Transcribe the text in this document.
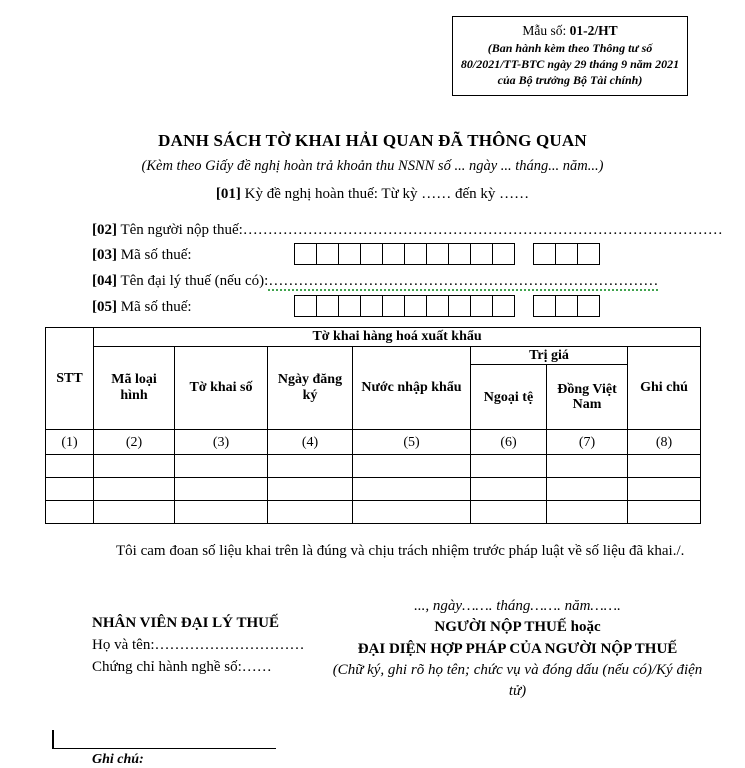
Mẫu số: 01-2/HT
(Ban hành kèm theo Thông tư số
80/2021/TT-BTC ngày 29 tháng 9 năm 2021
của Bộ trưởng Bộ Tài chính)
DANH SÁCH TỜ KHAI HẢI QUAN ĐÃ THÔNG QUAN
(Kèm theo Giấy đề nghị hoàn trả khoản thu NSNN số ... ngày ... tháng... năm...)
[01] Kỳ đề nghị hoàn thuế: Từ kỳ …… đến kỳ ……
[02] Tên người nộp thuế:……………………………………………………………………………………
[03] Mã số thuế:
[04] Tên đại lý thuế (nếu có):……………………………………………………………………
[05] Mã số thuế:
STT	Tờ khai hàng hoá xuất khẩu						
	Mã loại hình	Tờ khai số	Ngày đăng ký	Nước nhập khẩu	Trị giá		Ghi chú
					Ngoại tệ	Đồng Việt Nam	
(1)	(2)	(3)	(4)	(5)	(6)	(7)	(8)

Tôi cam đoan số liệu khai trên là đúng và chịu trách nhiệm trước pháp luật về số liệu đã khai./.
NHÂN VIÊN ĐẠI LÝ THUẾ
Họ và tên:…………………………
Chứng chỉ hành nghề số:……
..., ngày……. tháng……. năm…….
NGƯỜI NỘP THUẾ hoặc
ĐẠI DIỆN HỢP PHÁP CỦA NGƯỜI NỘP THUẾ
(Chữ ký, ghi rõ họ tên; chức vụ và đóng dấu (nếu có)/Ký điện tử)
Ghi chú:
